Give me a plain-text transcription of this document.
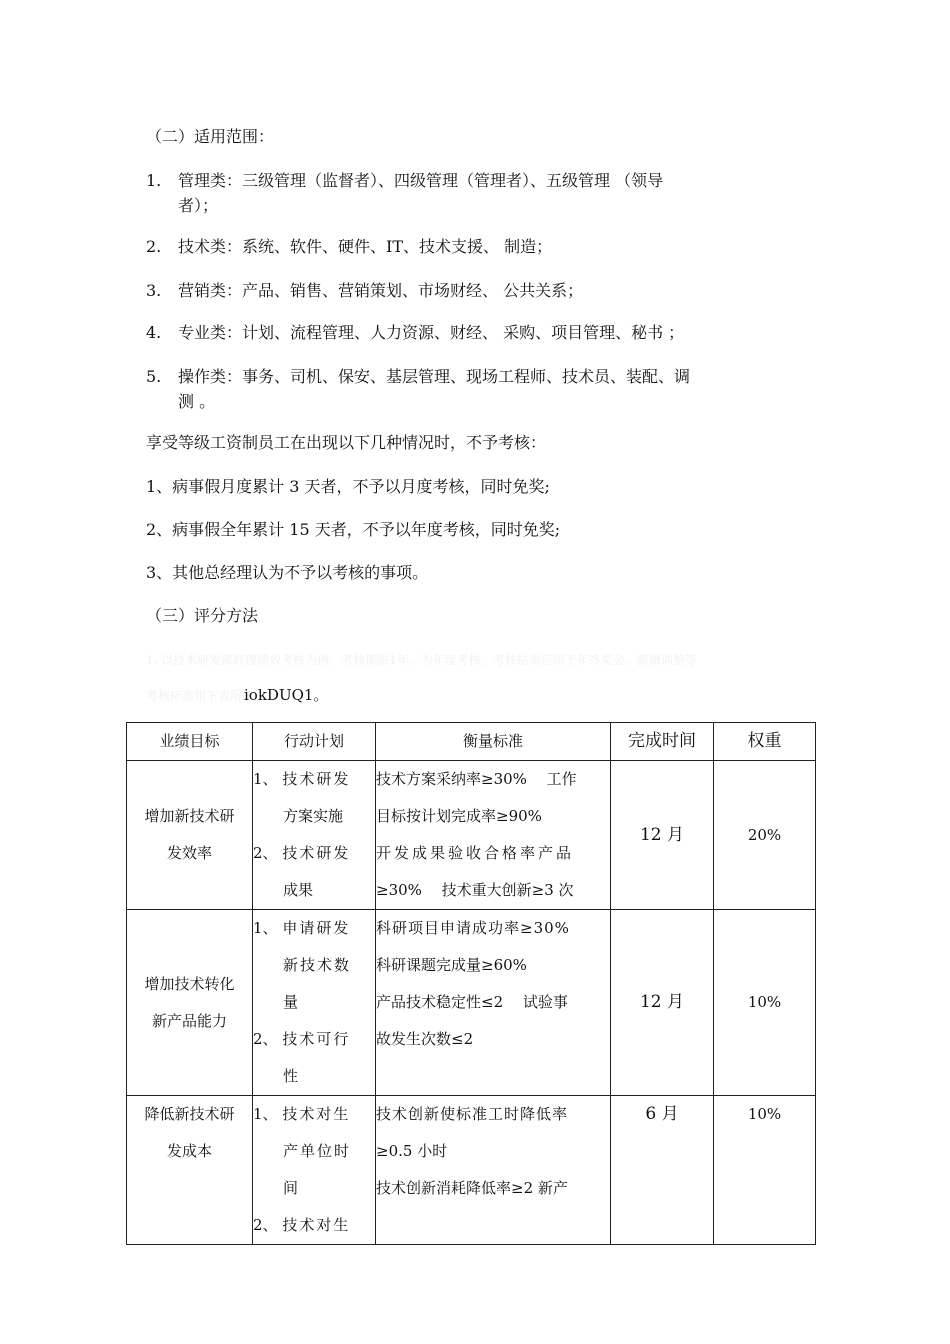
（二）适用范围：
1. 管理类：三级管理（监督者）、四级管理（管理者）、五级管理 （领导
者）；
2. 技术类：系统、软件、硬件、IT、技术支援、 制造；
3. 营销类：产品、销售、营销策划、市场财经、 公共关系；
4. 专业类：计划、流程管理、人力资源、财经、 采购、项目管理、秘书 ；
5. 操作类：事务、司机、保安、基层管理、现场工程师、技术员、装配、调
测 。
享受等级工资制员工在出现以下几种情况时，不予考核：
1、病事假月度累计 3 天者，不予以月度考核，同时免奖;
2、病事假全年累计 15 天者，不予以年度考核，同时免奖;
3、其他总经理认为不予以考核的事项。
（三）评分方法
1. 以技术研发部经理绩效考核为例，考核期限1年，为年度考核，考核结果应用于年终奖金、薪酬调整等
考核标准如下表所示。
iokDUQ1。
业绩目标	行动计划	衡量标准	完成时间	权重

增加新技术研
发效率	1、 技术研发
方案实施
2、 技术研发
成果	技术方案采纳率≥30%　 工作
目标按计划完成率≥90%
开发成果验收合格率产品
≥30%　 技术重大创新≥3 次	12 月	20%

增加技术转化
新产品能力	1、 申请研发
新技术数
量
2、 技术可行
性	科研项目申请成功率≥30%
科研课题完成量≥60%
产品技术稳定性≤2　 试验事
故发生次数≤2	12 月	10%

降低新技术研
发成本	1、 技术对生
产单位时
间
2、 技术对生	技术创新使标准工时降低率
≥0.5 小时
技术创新消耗降低率≥2 新产	6 月	10%
